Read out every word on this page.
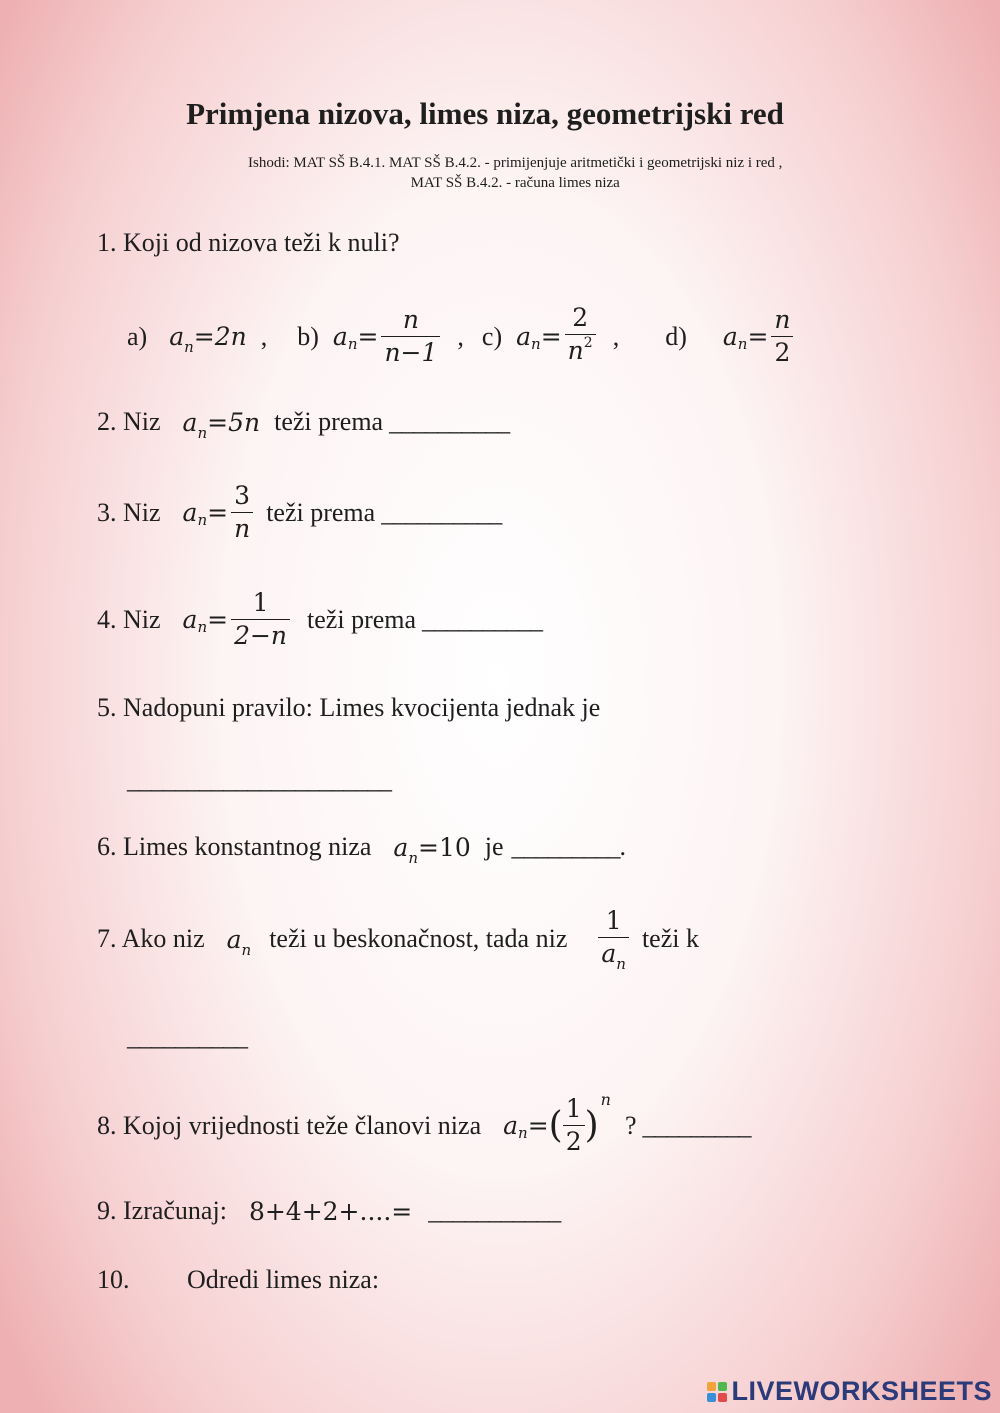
Primjena nizova, limes niza, geometrijski red
Ishodi: MAT SŠ B.4.1. MAT SŠ B.4.2. - primijenjuje aritmetički i geometrijski niz i red ,
MAT SŠ B.4.2. - računa limes niza
1. Koji od nizova teži k nuli?
a) $a_n=2n$ , b) a $n = \frac{n}{n-1}$ , c) a $n = \frac{2}{n^2}$ , d) a $n = \frac{n}{2}$
2. Niz $a_n=5n$ teži prema __________
3. Niz a $n = \frac{3}{n}$ teži prema __________
4. Niz a $n = \frac{1}{2-n}$ teži prema __________
5. Nadopuni pravilo: Limes kvocijenta jednak je
______________________
6. Limes konstantnog niza $a_n=10$ je _________.
7. Ako niz $a_n$ teži u beskonačnost, tada niz $\frac{1}{a_n}$ teži k
__________
8. Kojoj vrijednosti teže članovi niza a n = ( $\frac{1}{2}$ )
n
? _________
9. Izračunaj: 8+4+2+....= ___________
10. Odredi limes niza:
LIVEWORKSHEETS
